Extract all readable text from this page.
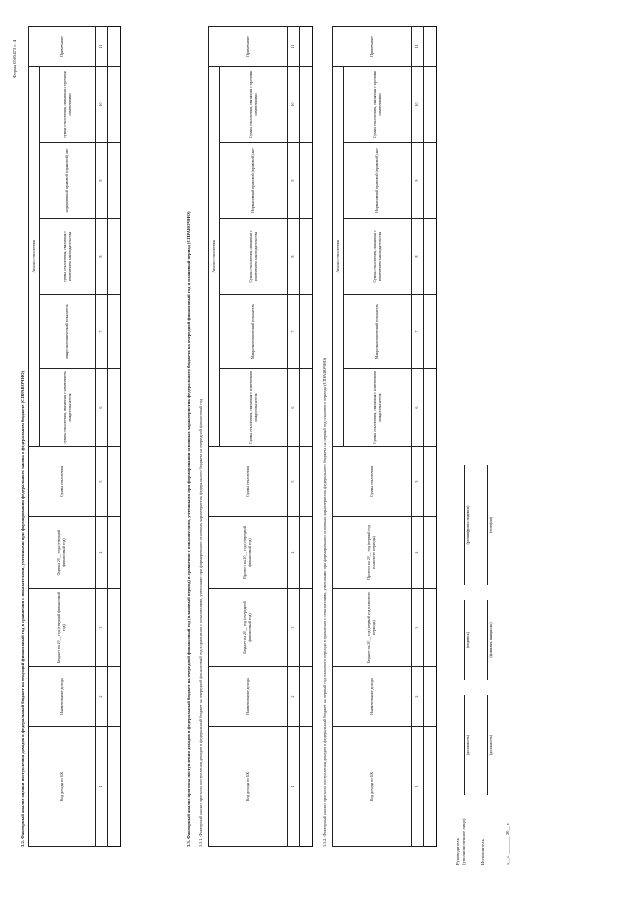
Форма 0505473 с. 4
3.2. Факторный анализ оценки поступления доходов в федеральный бюджет на текущий финансовый год в сравнении с показателями, учтенными при формировании федерального закона о федеральном бюджете (СПРАВОЧНО)	Код дохода по БК	Наименование дохода	Бюджет на 20__ год (текущий финансовый год)	Оценка 20__ года (текущий финансовый год)	Сумма отклонения	Анализ отклонения					Примечание
					сумма отклонения, связанная с изменением макропоказателя	макроэкономический показатель	сумма отклонения, связанная с изменением законодательства	нормативный правовой (правовой) акт	сумма отклонения, связанная с прочими изменениями	
1	2	3	4	5	6	7	8	9	10	11

3.3. Факторный анализ прогноза поступления доходов в федеральный бюджет на очередной финансовый год (плановый период) в сравнении с показателями, учтенными при формировании основных характеристик федерального бюджета на очередной финансовый год и плановый период (СПРАВОЧНО) 3.3.1. Факторный анализ прогноза поступления доходов в федеральный бюджет на очередной финансовый год в сравнении с показателями, учтенными при формировании основных характеристик федерального бюджета на очередной финансовый год	Код дохода по БК	Наименование дохода	Бюджет на 20__ год (очередной финансовый год)	Прогноз на 20__ год (очередной финансовый год)	Сумма отклонения	Анализ отклонения					Примечание
					Сумма отклонения, связанная с изменением макропоказателя	Макроэкономический показатель	Сумма отклонения, связанная с изменением законодательства	Нормативный правовой (правовой) акт	Сумма отклонения, связанная с прочими изменениями	
1	2	3	4	5	6	7	8	9	10	11

3.3.2. Факторный анализ прогноза поступления доходов в федеральный бюджет на первый год планового периода в сравнении с показателями, учтенными при формировании основных характеристик федерального бюджета на первый год планового периода (СПРАВОЧНО)	Код дохода по БК	Наименование дохода	Бюджет на 20__ год (первый год планового периода)	Прогноз на 20__ год (первый год планового периода)	Сумма отклонения	Анализ отклонения					Примечание
					Сумма отклонения, связанная с изменением макропоказателя	Макроэкономический показатель	Сумма отклонения, связанная с изменением законодательства	Нормативный правовой (правовой) акт	Сумма отклонения, связанная с прочими изменениями	
1	2	3	4	5	6	7	8	9	10	11

Руководитель (уполномоченное лицо)
(должность)
(подпись)
(расшифровка подписи)
Исполнитель
(должность)
(фамилия, инициалы)
(телефон)
«__» ________ 20__ г.
